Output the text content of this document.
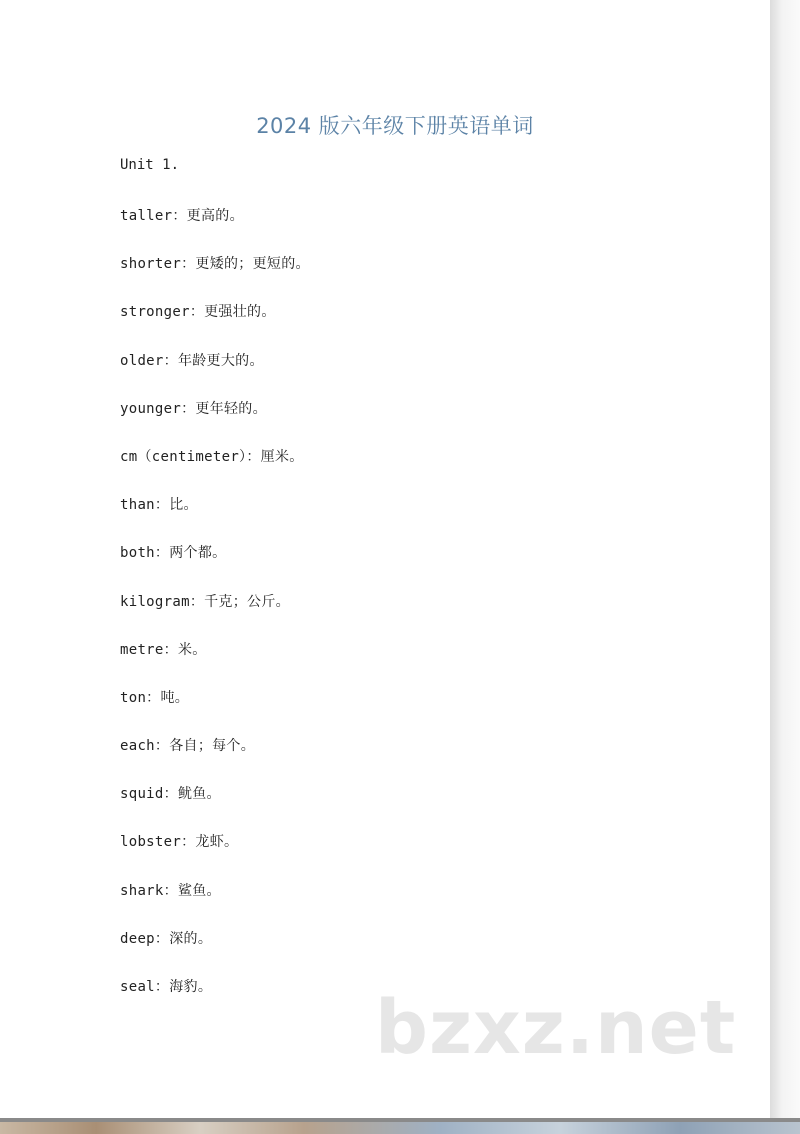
2024 版六年级下册英语单词
Unit 1.
taller：更高的。
shorter：更矮的；更短的。
stronger：更强壮的。
older：年龄更大的。
younger：更年轻的。
cm（centimeter）：厘米。
than：比。
both：两个都。
kilogram：千克；公斤。
metre：米。
ton：吨。
each：各自；每个。
squid：鱿鱼。
lobster：龙虾。
shark：鲨鱼。
deep：深的。
seal：海豹。	bzxz.net
